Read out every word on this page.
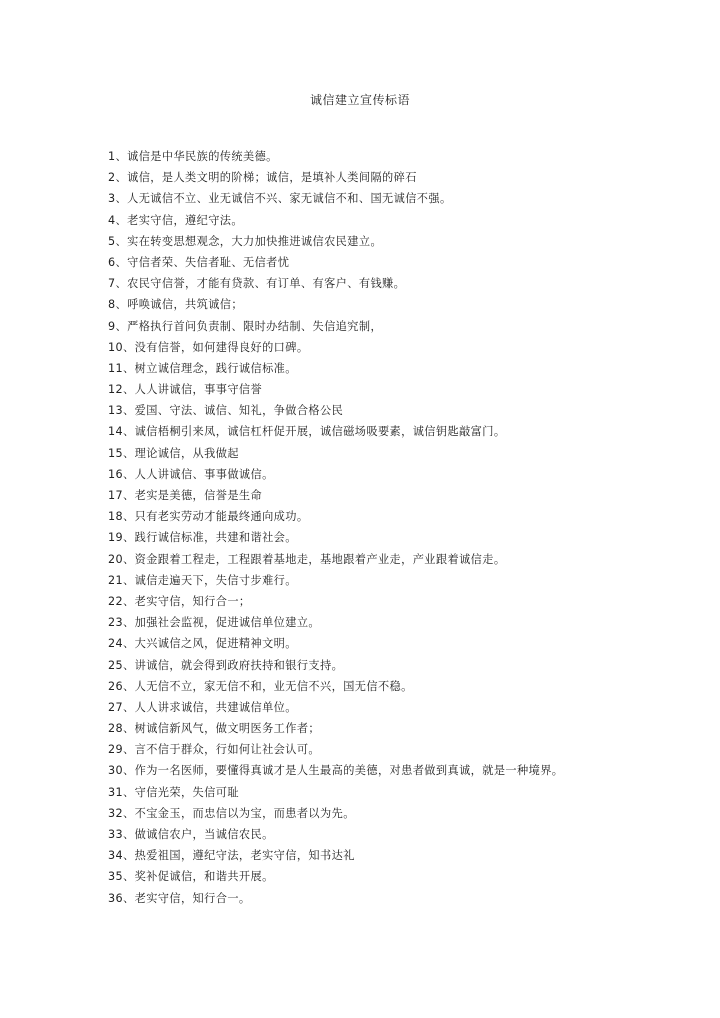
诚信建立宣传标语
1、诚信是中华民族的传统美德。
2、诚信，是人类文明的阶梯；诚信，是填补人类间隔的碎石
3、人无诚信不立、业无诚信不兴、家无诚信不和、国无诚信不强。
4、老实守信，遵纪守法。
5、实在转变思想观念，大力加快推进诚信农民建立。
6、守信者荣、失信者耻、无信者忧
7、农民守信誉，才能有贷款、有订单、有客户、有钱赚。
8、呼唤诚信，共筑诚信；
9、严格执行首问负责制、限时办结制、失信追究制，
10、没有信誉，如何建得良好的口碑。
11、树立诚信理念，践行诚信标准。
12、人人讲诚信，事事守信誉
13、爱国、守法、诚信、知礼，争做合格公民
14、诚信梧桐引来凤，诚信杠杆促开展，诚信磁场吸要素，诚信钥匙敲富门。
15、理论诚信，从我做起
16、人人讲诚信、事事做诚信。
17、老实是美德，信誉是生命
18、只有老实劳动才能最终通向成功。
19、践行诚信标准，共建和谐社会。
20、资金跟着工程走，工程跟着基地走，基地跟着产业走，产业跟着诚信走。
21、诚信走遍天下，失信寸步难行。
22、老实守信，知行合一；
23、加强社会监视，促进诚信单位建立。
24、大兴诚信之风，促进精神文明。
25、讲诚信，就会得到政府扶持和银行支持。
26、人无信不立，家无信不和，业无信不兴，国无信不稳。
27、人人讲求诚信，共建诚信单位。
28、树诚信新风气，做文明医务工作者；
29、言不信于群众，行如何让社会认可。
30、作为一名医师，要懂得真诚才是人生最高的美德，对患者做到真诚，就是一种境界。
31、守信光荣，失信可耻
32、不宝金玉，而忠信以为宝，而患者以为先。
33、做诚信农户，当诚信农民。
34、热爱祖国，遵纪守法，老实守信，知书达礼
35、奖补促诚信，和谐共开展。
36、老实守信，知行合一。
